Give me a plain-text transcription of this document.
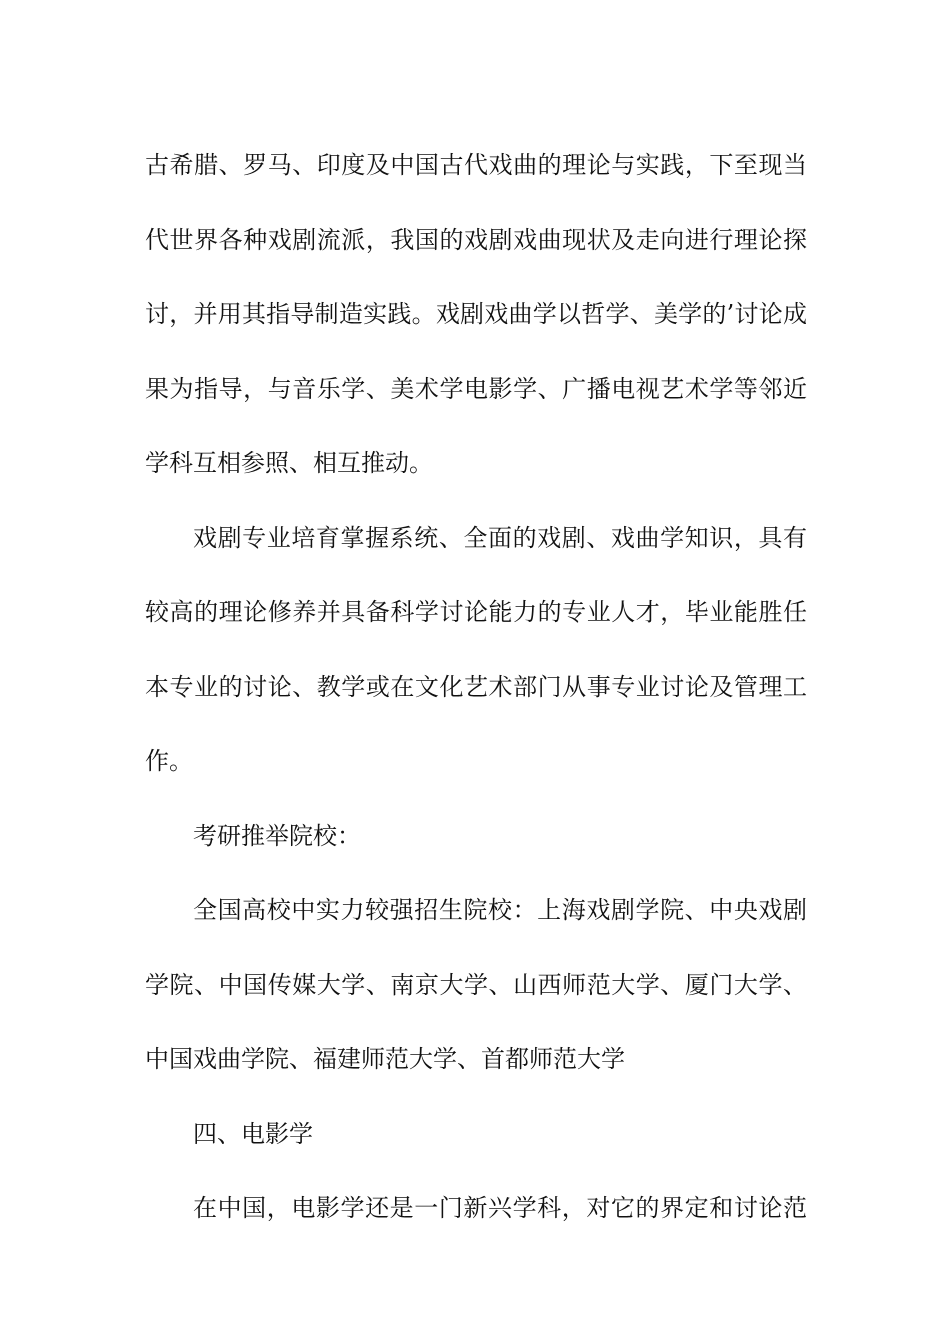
古希腊、罗马、印度及中国古代戏曲的理论与实践，下至现当
代世界各种戏剧流派，我国的戏剧戏曲现状及走向进行理论探
讨，并用其指导制造实践。戏剧戏曲学以哲学、美学的’讨论成
果为指导，与音乐学、美术学电影学、广播电视艺术学等邻近
学科互相参照、相互推动。
戏剧专业培育掌握系统、全面的戏剧、戏曲学知识，具有
较高的理论修养并具备科学讨论能力的专业人才，毕业能胜任
本专业的讨论、教学或在文化艺术部门从事专业讨论及管理工
作。
考研推举院校：
全国高校中实力较强招生院校：上海戏剧学院、中央戏剧
学院、中国传媒大学、南京大学、山西师范大学、厦门大学、
中国戏曲学院、福建师范大学、首都师范大学
四、电影学
在中国，电影学还是一门新兴学科，对它的界定和讨论范
